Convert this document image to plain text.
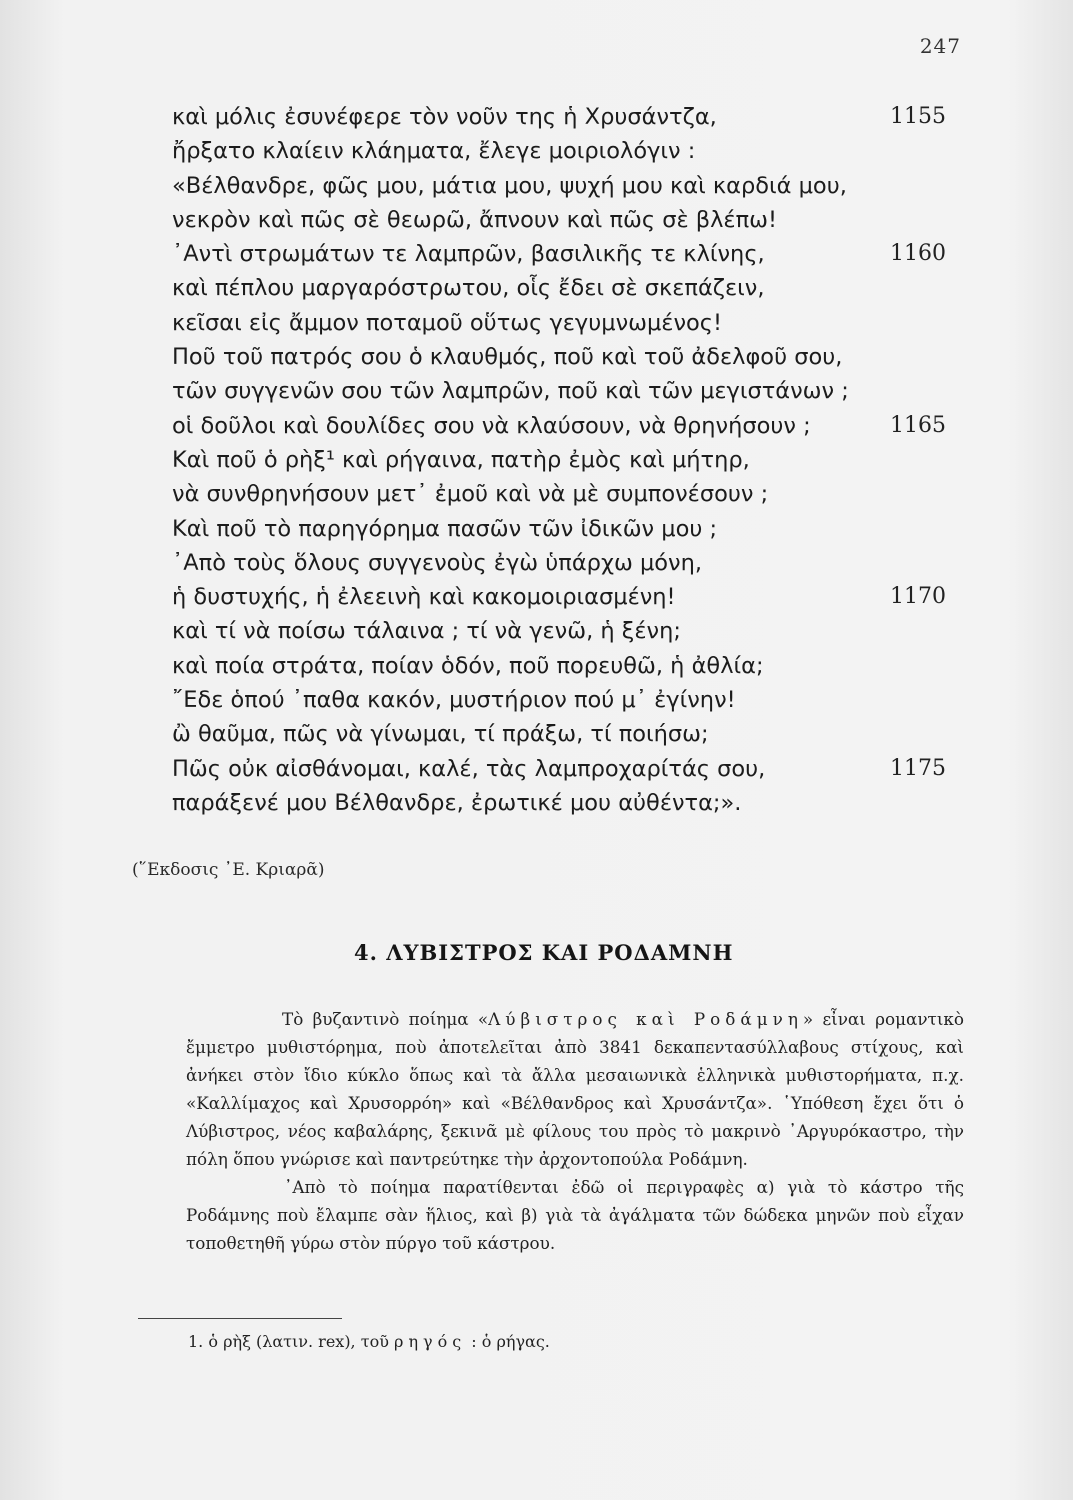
247
καὶ μόλις ἐσυνέφερε τὸν νοῦν της ἡ Χρυσάντζα,	1155
ἤρξατο κλαίειν κλάηματα, ἔλεγε μοιριολόγιν :
«Βέλθανδρε, φῶς μου, μάτια μου, ψυχή μου καὶ καρδιά μου,
νεκρὸν καὶ πῶς σὲ θεωρῶ, ἄπνουν καὶ πῶς σὲ βλέπω!
᾿Αντὶ στρωμάτων τε λαμπρῶν, βασιλικῆς τε κλίνης,	1160
καὶ πέπλου μαργαρόστρωτου, οἷς ἔδει σὲ σκεπάζειν,
κεῖσαι εἰς ἄμμον ποταμοῦ οὕτως γεγυμνωμένος!
Ποῦ τοῦ πατρός σου ὁ κλαυθμός, ποῦ καὶ τοῦ ἀδελφοῦ σου,
τῶν συγγενῶν σου τῶν λαμπρῶν, ποῦ καὶ τῶν μεγιστάνων ;
οἱ δοῦλοι καὶ δουλίδες σου νὰ κλαύσουν, νὰ θρηνήσουν ;	1165
Καὶ ποῦ ὁ ρὴξ¹ καὶ ρήγαινα, πατὴρ ἐμὸς καὶ μήτηρ,
νὰ συνθρηνήσουν μετ᾿ ἐμοῦ καὶ νὰ μὲ συμπονέσουν ;
Καὶ ποῦ τὸ παρηγόρημα πασῶν τῶν ἰδικῶν μου ;
᾿Απὸ τοὺς ὅλους συγγενοὺς ἐγὼ ὑπάρχω μόνη,
ἡ δυστυχής, ἡ ἐλεεινὴ καὶ κακομοιριασμένη!	1170
καὶ τί νὰ ποίσω τάλαινα ; τί νὰ γενῶ, ἡ ξένη;
καὶ ποία στράτα, ποίαν ὁδόν, ποῦ πορευθῶ, ἡ ἀθλία;
῎Εδε ὁπού ᾿παθα κακόν, μυστήριον πού μ᾿ ἐγίνην!
ὢ θαῦμα, πῶς νὰ γίνωμαι, τί πράξω, τί ποιήσω;
Πῶς οὐκ αἰσθάνομαι, καλέ, τὰς λαμπροχαρίτάς σου,	1175
παράξενέ μου Βέλθανδρε, ἐρωτικέ μου αὐθέντα;».
(῞Εκδοσις ᾿Ε. Κριαρᾶ)
4. ΛΥΒΙΣΤΡΟΣ ΚΑΙ ΡΟΔΑΜΝΗ

Τὸ βυζαντινὸ ποίημα «Λύβιστρος καὶ Ροδάμνη» εἶναι ρομαντικὸ ἔμμετρο μυθιστόρημα, ποὺ ἀποτελεῖται ἀπὸ 3841 δεκαπεντασύλλαβους στίχους, καὶ ἀνήκει στὸν ἴδιο κύκλο ὅπως καὶ τὰ ἄλλα μεσαιωνικὰ ἑλληνικὰ μυθιστορήματα, π.χ. «Καλλίμαχος καὶ Χρυσορρόη» καὶ «Βέλθανδρος καὶ Χρυσάντζα». ῾Υπόθεση ἔχει ὅτι ὁ Λύβιστρος, νέος καβαλάρης, ξεκινᾶ μὲ φίλους του πρὸς τὸ μακρινὸ ᾿Αργυρόκαστρο, τὴν πόλη ὅπου γνώρισε καὶ παντρεύτηκε τὴν ἀρχοντοπούλα Ροδάμνη.

᾿Απὸ τὸ ποίημα παρατίθενται ἐδῶ οἱ περιγραφὲς α) γιὰ τὸ κάστρο τῆς Ροδάμνης ποὺ ἔλαμπε σὰν ἥλιος, καὶ β) γιὰ τὰ ἀγάλματα τῶν δώδεκα μηνῶν ποὺ εἶχαν τοποθετηθῆ γύρω στὸν πύργο τοῦ κάστρου.

1. ὁ ρὴξ (λατιν. rex), τοῦ ρηγός : ὁ ρήγας.
